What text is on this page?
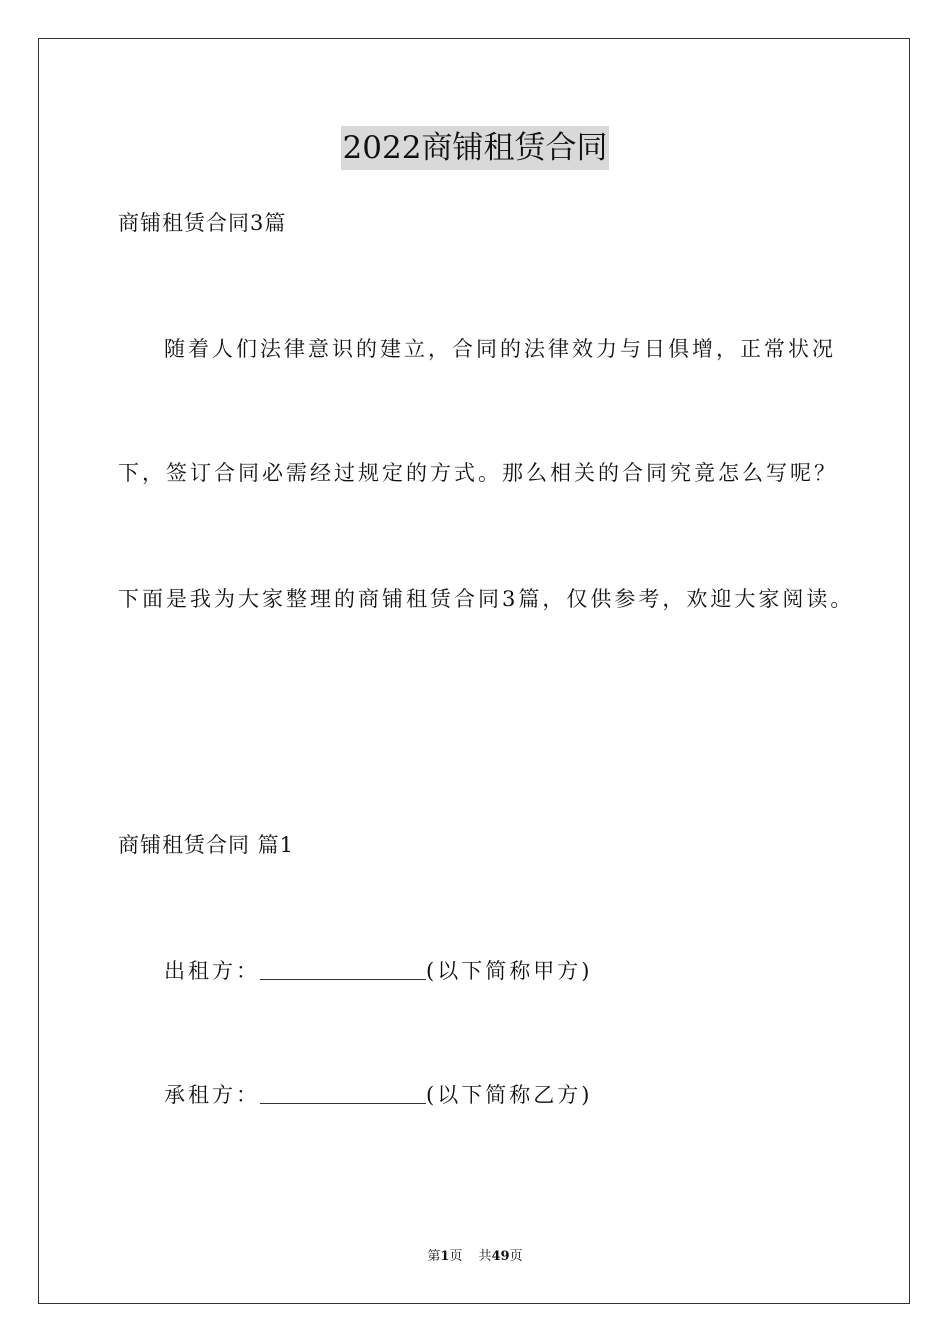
2022商铺租赁合同
商铺租赁合同3篇
随着人们法律意识的建立，合同的法律效力与日俱增，正常状况
下，签订合同必需经过规定的方式。那么相关的合同究竟怎么写呢？
下面是我为大家整理的商铺租赁合同3篇，仅供参考，欢迎大家阅读。
商铺租赁合同 篇1
出租方：	(以下简称甲方)
承租方：	(以下简称乙方)
第1页 共49页
